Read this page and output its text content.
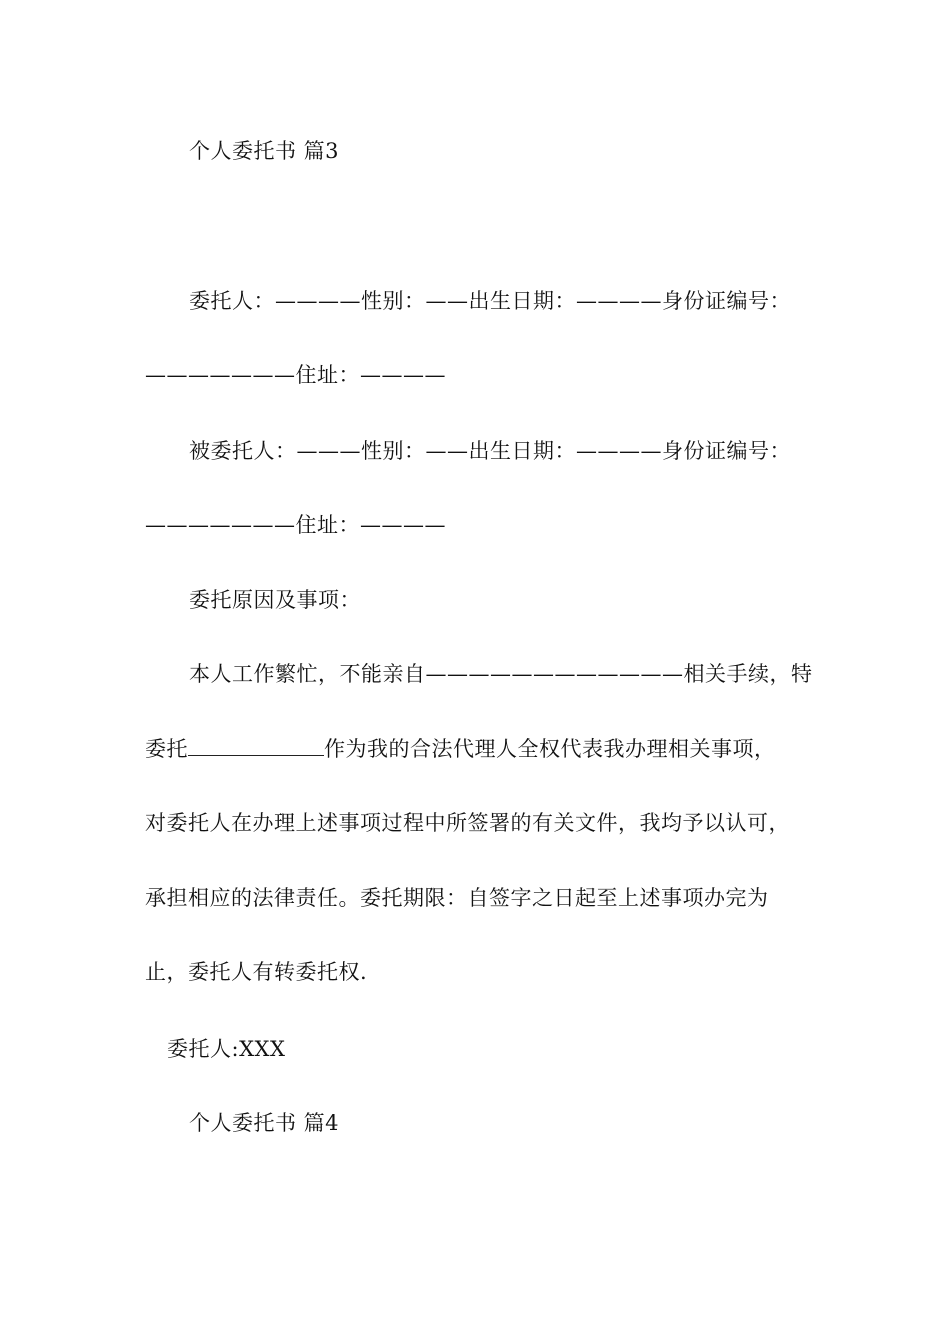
个人委托书 篇3
委托人：————性别：——出生日期：————身份证编号：
———————住址：————
被委托人：———性别：——出生日期：————身份证编号：
———————住址：————
委托原因及事项：
本人工作繁忙，不能亲自————————————相关手续，特
委托	作为我的合法代理人全权代表我办理相关事项，
对委托人在办理上述事项过程中所签署的有关文件，我均予以认可，
承担相应的法律责任。委托期限：自签字之日起至上述事项办完为
止，委托人有转委托权.
委托人:XXX
个人委托书 篇4
